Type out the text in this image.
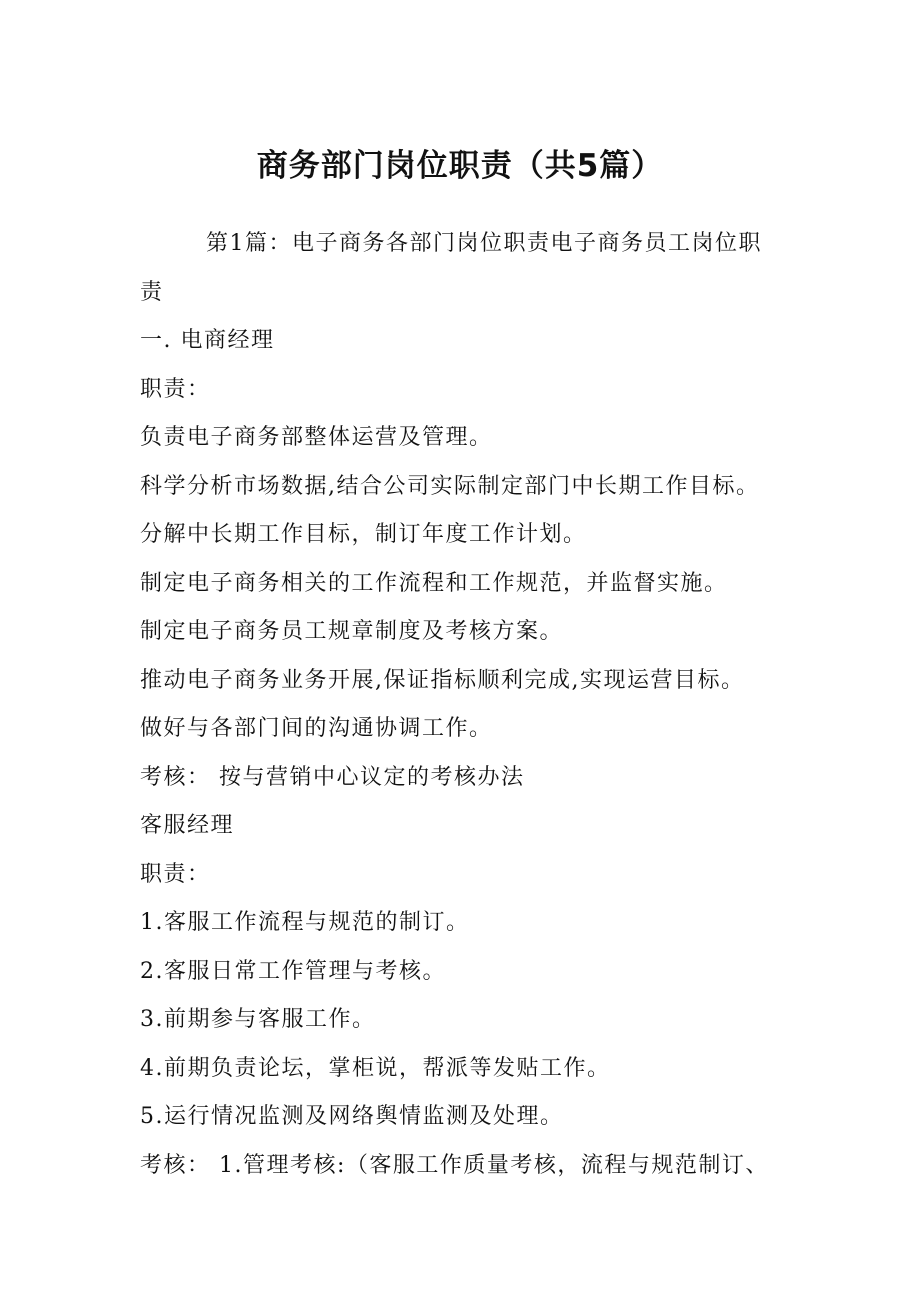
商务部门岗位职责（共5篇）

第1篇：电子商务各部门岗位职责电子商务员工岗位职责

一. 电商经理

职责：

负责电子商务部整体运营及管理。

科学分析市场数据,结合公司实际制定部门中长期工作目标。

分解中长期工作目标，制订年度工作计划。

制定电子商务相关的工作流程和工作规范，并监督实施。

制定电子商务员工规章制度及考核方案。

推动电子商务业务开展,保证指标顺利完成,实现运营目标。

做好与各部门间的沟通协调工作。

考核： 按与营销中心议定的考核办法

客服经理

职责：

1.客服工作流程与规范的制订。

2.客服日常工作管理与考核。

3.前期参与客服工作。

4.前期负责论坛，掌柜说，帮派等发贴工作。

5.运行情况监测及网络舆情监测及处理。

考核： 1.管理考核:（客服工作质量考核，流程与规范制订、
